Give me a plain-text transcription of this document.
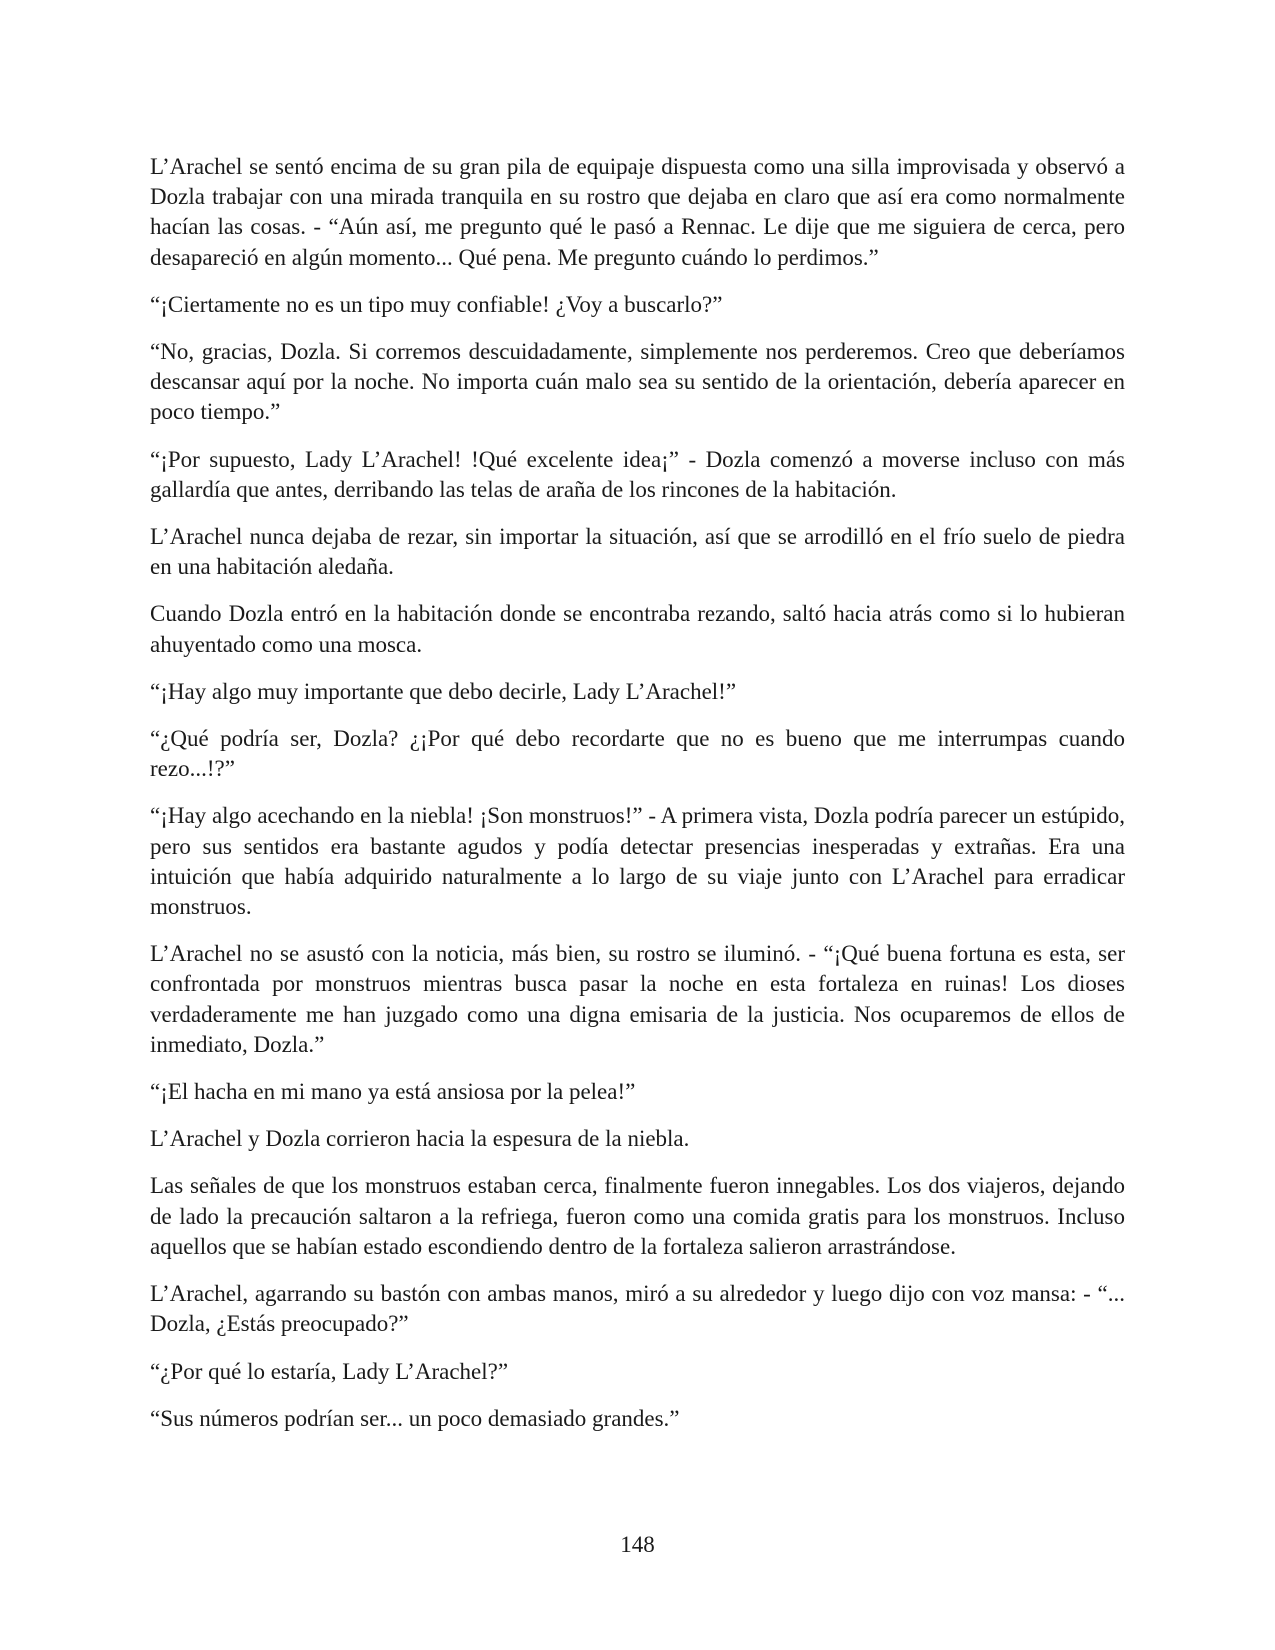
L’Arachel se sentó encima de su gran pila de equipaje dispuesta como una silla improvisada y observó a Dozla trabajar con una mirada tranquila en su rostro que dejaba en claro que así era como normalmente hacían las cosas. - “Aún así, me pregunto qué le pasó a Rennac. Le dije que me siguiera de cerca, pero desapareció en algún momento... Qué pena. Me pregunto cuándo lo perdimos.”

“¡Ciertamente no es un tipo muy confiable! ¿Voy a buscarlo?”

“No, gracias, Dozla. Si corremos descuidadamente, simplemente nos perderemos. Creo que deberíamos descansar aquí por la noche. No importa cuán malo sea su sentido de la orientación, debería aparecer en poco tiempo.”

“¡Por supuesto, Lady L’Arachel! !Qué excelente idea¡” - Dozla comenzó a moverse incluso con más gallardía que antes, derribando las telas de araña de los rincones de la habitación.

L’Arachel nunca dejaba de rezar, sin importar la situación, así que se arrodilló en el frío suelo de piedra en una habitación aledaña.

Cuando Dozla entró en la habitación donde se encontraba rezando, saltó hacia atrás como si lo hubieran ahuyentado como una mosca.

“¡Hay algo muy importante que debo decirle, Lady L’Arachel!”

“¿Qué podría ser, Dozla? ¿¡Por qué debo recordarte que no es bueno que me interrumpas cuando rezo...!?”

“¡Hay algo acechando en la niebla! ¡Son monstruos!” - A primera vista, Dozla podría parecer un estúpido, pero sus sentidos era bastante agudos y podía detectar presencias inesperadas y extrañas. Era una intuición que había adquirido naturalmente a lo largo de su viaje junto con L’Arachel para erradicar monstruos.

L’Arachel no se asustó con la noticia, más bien, su rostro se iluminó. - “¡Qué buena fortuna es esta, ser confrontada por monstruos mientras busca pasar la noche en esta fortaleza en ruinas! Los dioses verdaderamente me han juzgado como una digna emisaria de la justicia. Nos ocuparemos de ellos de inmediato, Dozla.”

“¡El hacha en mi mano ya está ansiosa por la pelea!”

L’Arachel y Dozla corrieron hacia la espesura de la niebla.

Las señales de que los monstruos estaban cerca, finalmente fueron innegables. Los dos viajeros, dejando de lado la precaución saltaron a la refriega, fueron como una comida gratis para los monstruos. Incluso aquellos que se habían estado escondiendo dentro de la fortaleza salieron arrastrándose.

L’Arachel, agarrando su bastón con ambas manos, miró a su alrededor y luego dijo con voz mansa: - “... Dozla, ¿Estás preocupado?”

“¿Por qué lo estaría, Lady L’Arachel?”

“Sus números podrían ser... un poco demasiado grandes.”

148
